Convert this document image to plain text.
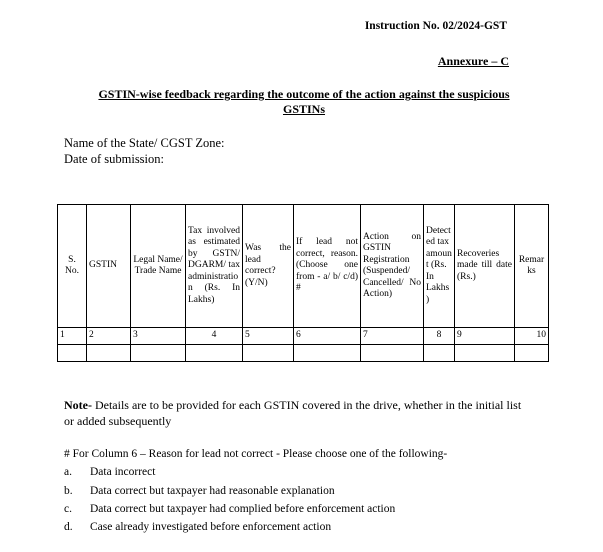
Instruction No. 02/2024-GST
Annexure – C
GSTIN-wise feedback regarding the outcome of the action against the suspicious GSTINs
Name of the State/ CGST Zone:
Date of submission:
S. No.	GSTIN	Legal Name/ Trade Name	Tax involved as estimated by GSTN/ DGARM/ tax administration (Rs. In Lakhs)	Was the lead correct? (Y/N)	If lead not correct, reason. (Choose one from - a/ b/ c/d) #	Action on GSTIN Registration (Suspended/ Cancelled/ No Action)	Detected tax amount (Rs. In Lakhs)	Recoveries made till date (Rs.)	Remarks
1	2	3	4	5	6	7	8	9	10

Note- Details are to be provided for each GSTIN covered in the drive, whether in the initial list or added subsequently
# For Column 6 – Reason for lead not correct - Please choose one of the following-
a. Data incorrect
b. Data correct but taxpayer had reasonable explanation
c. Data correct but taxpayer had complied before enforcement action
d. Case already investigated before enforcement action
